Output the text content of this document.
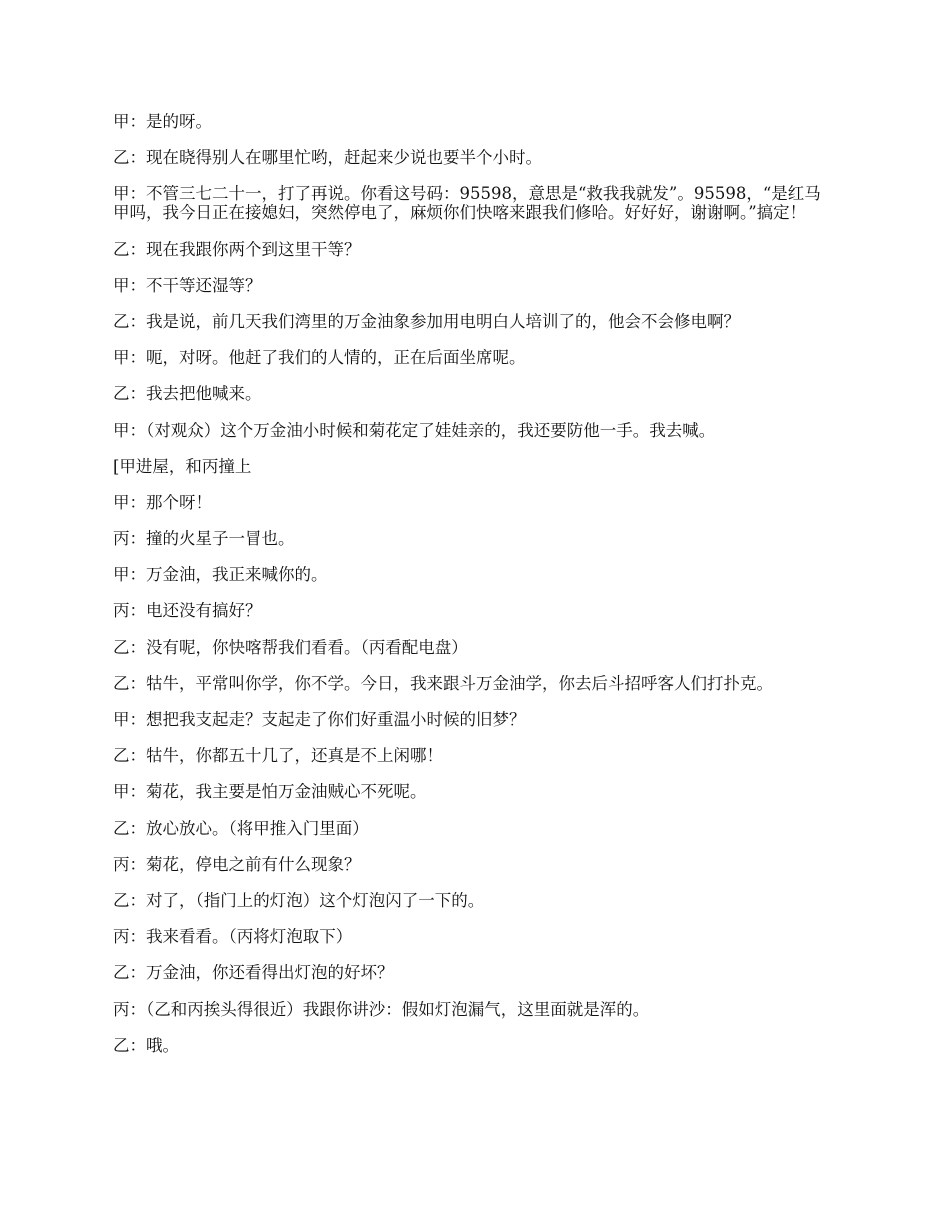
甲：是的呀。

乙：现在晓得别人在哪里忙哟，赶起来少说也要半个小时。

甲：不管三七二十一，打了再说。你看这号码：95598，意思是“救我我就发”。95598，“是红马甲吗，我今日正在接媳妇，突然停电了，麻烦你们快喀来跟我们修哈。好好好，谢谢啊。”搞定！

乙：现在我跟你两个到这里干等？

甲：不干等还湿等？

乙：我是说，前几天我们湾里的万金油象参加用电明白人培训了的，他会不会修电啊？

甲：呃，对呀。他赶了我们的人情的，正在后面坐席呢。

乙：我去把他喊来。

甲：（对观众）这个万金油小时候和菊花定了娃娃亲的，我还要防他一手。我去喊。

[甲进屋，和丙撞上

甲：那个呀！

丙：撞的火星子一冒也。

甲：万金油，我正来喊你的。

丙：电还没有搞好？

乙：没有呢，你快喀帮我们看看。（丙看配电盘）

乙：牯牛，平常叫你学，你不学。今日，我来跟斗万金油学，你去后斗招呼客人们打扑克。

甲：想把我支起走？支起走了你们好重温小时候的旧梦？

乙：牯牛，你都五十几了，还真是不上闲哪！

甲：菊花，我主要是怕万金油贼心不死呢。

乙：放心放心。（将甲推入门里面）

丙：菊花，停电之前有什么现象？

乙：对了，（指门上的灯泡）这个灯泡闪了一下的。

丙：我来看看。（丙将灯泡取下）

乙：万金油，你还看得出灯泡的好坏？

丙：（乙和丙挨头得很近）我跟你讲沙：假如灯泡漏气，这里面就是浑的。

乙：哦。
